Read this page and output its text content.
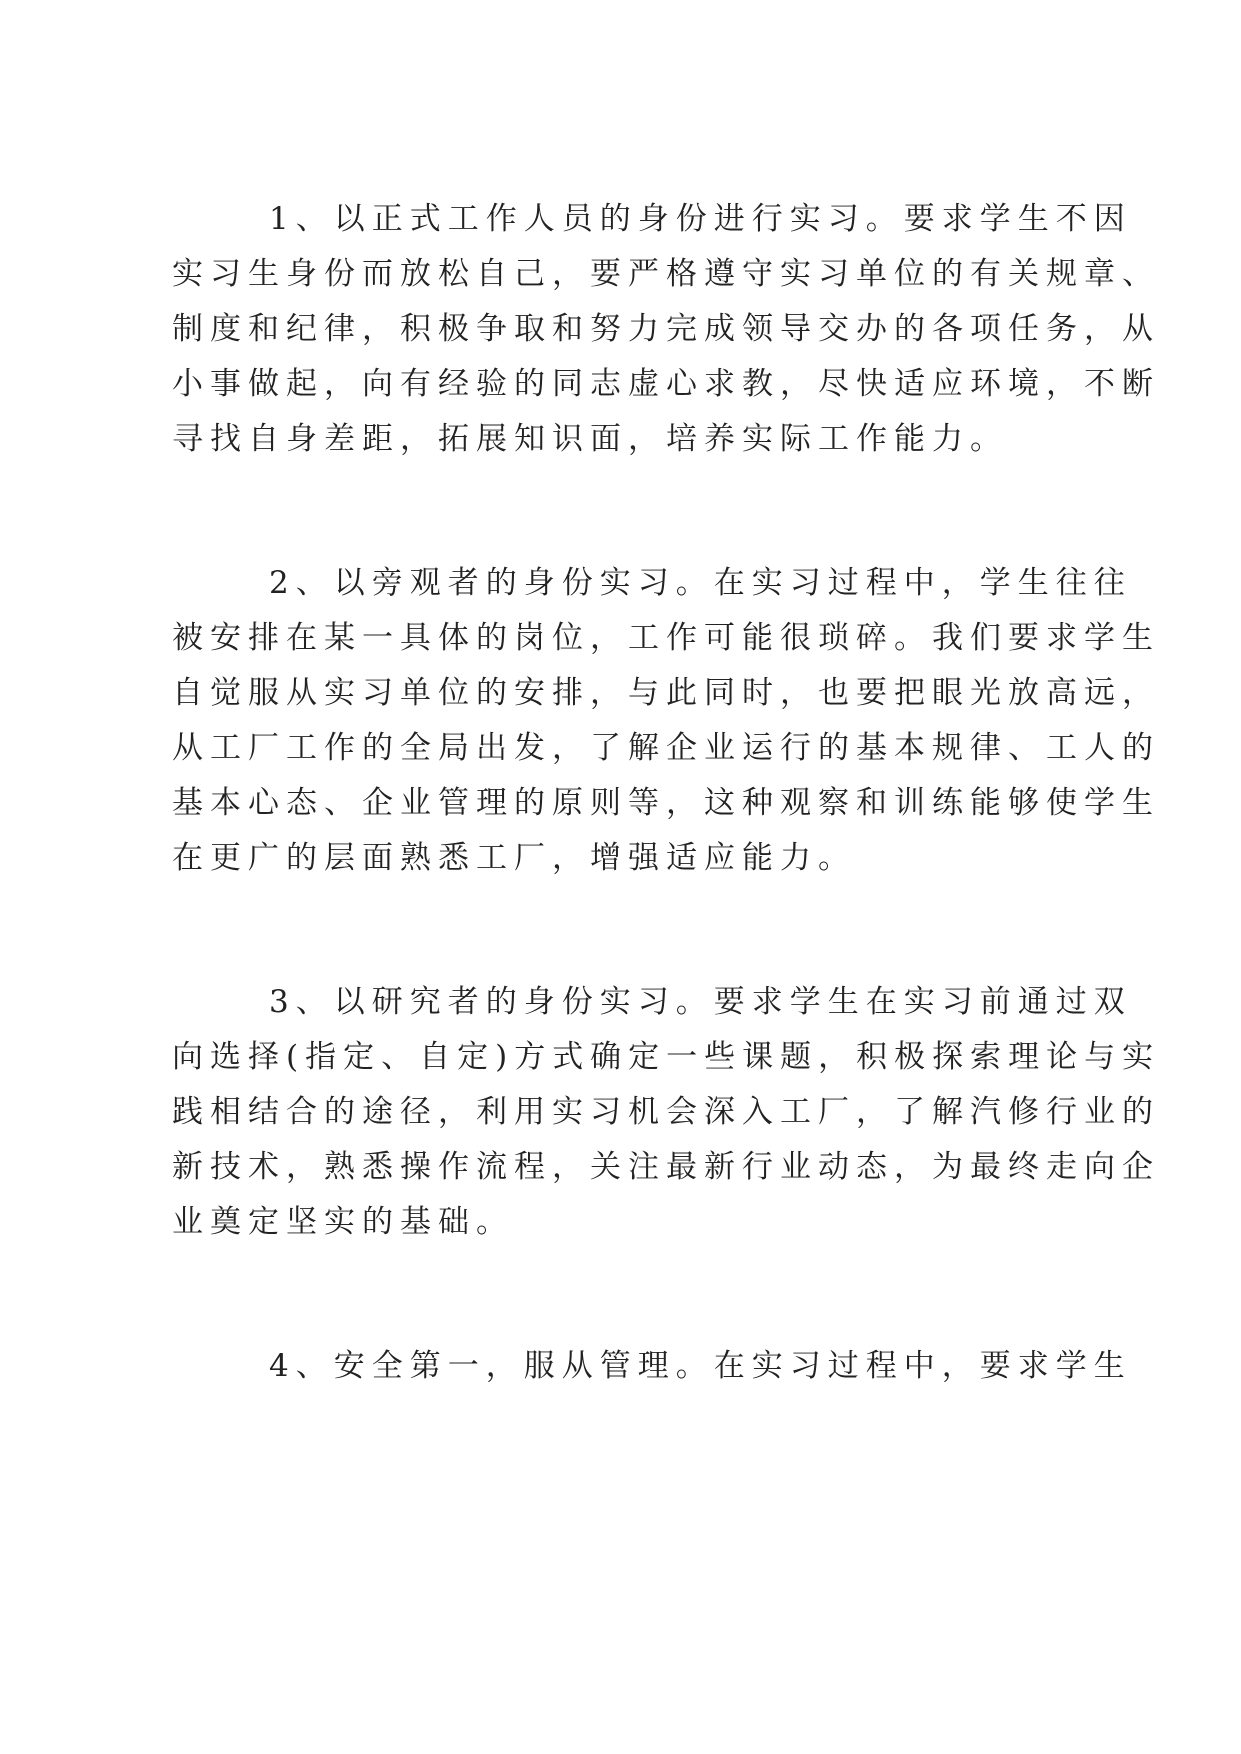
1、以正式工作人员的身份进行实习。要求学生不因

实习生身份而放松自己，要严格遵守实习单位的有关规章、

制度和纪律，积极争取和努力完成领导交办的各项任务，从

小事做起，向有经验的同志虚心求教，尽快适应环境，不断

寻找自身差距，拓展知识面，培养实际工作能力。

2、以旁观者的身份实习。在实习过程中，学生往往

被安排在某一具体的岗位，工作可能很琐碎。我们要求学生

自觉服从实习单位的安排，与此同时，也要把眼光放高远，

从工厂工作的全局出发，了解企业运行的基本规律、工人的

基本心态、企业管理的原则等，这种观察和训练能够使学生

在更广的层面熟悉工厂，增强适应能力。

3、以研究者的身份实习。要求学生在实习前通过双

向选择(指定、自定)方式确定一些课题，积极探索理论与实

践相结合的途径，利用实习机会深入工厂，了解汽修行业的

新技术，熟悉操作流程，关注最新行业动态，为最终走向企

业奠定坚实的基础。

4、安全第一，服从管理。在实习过程中，要求学生
